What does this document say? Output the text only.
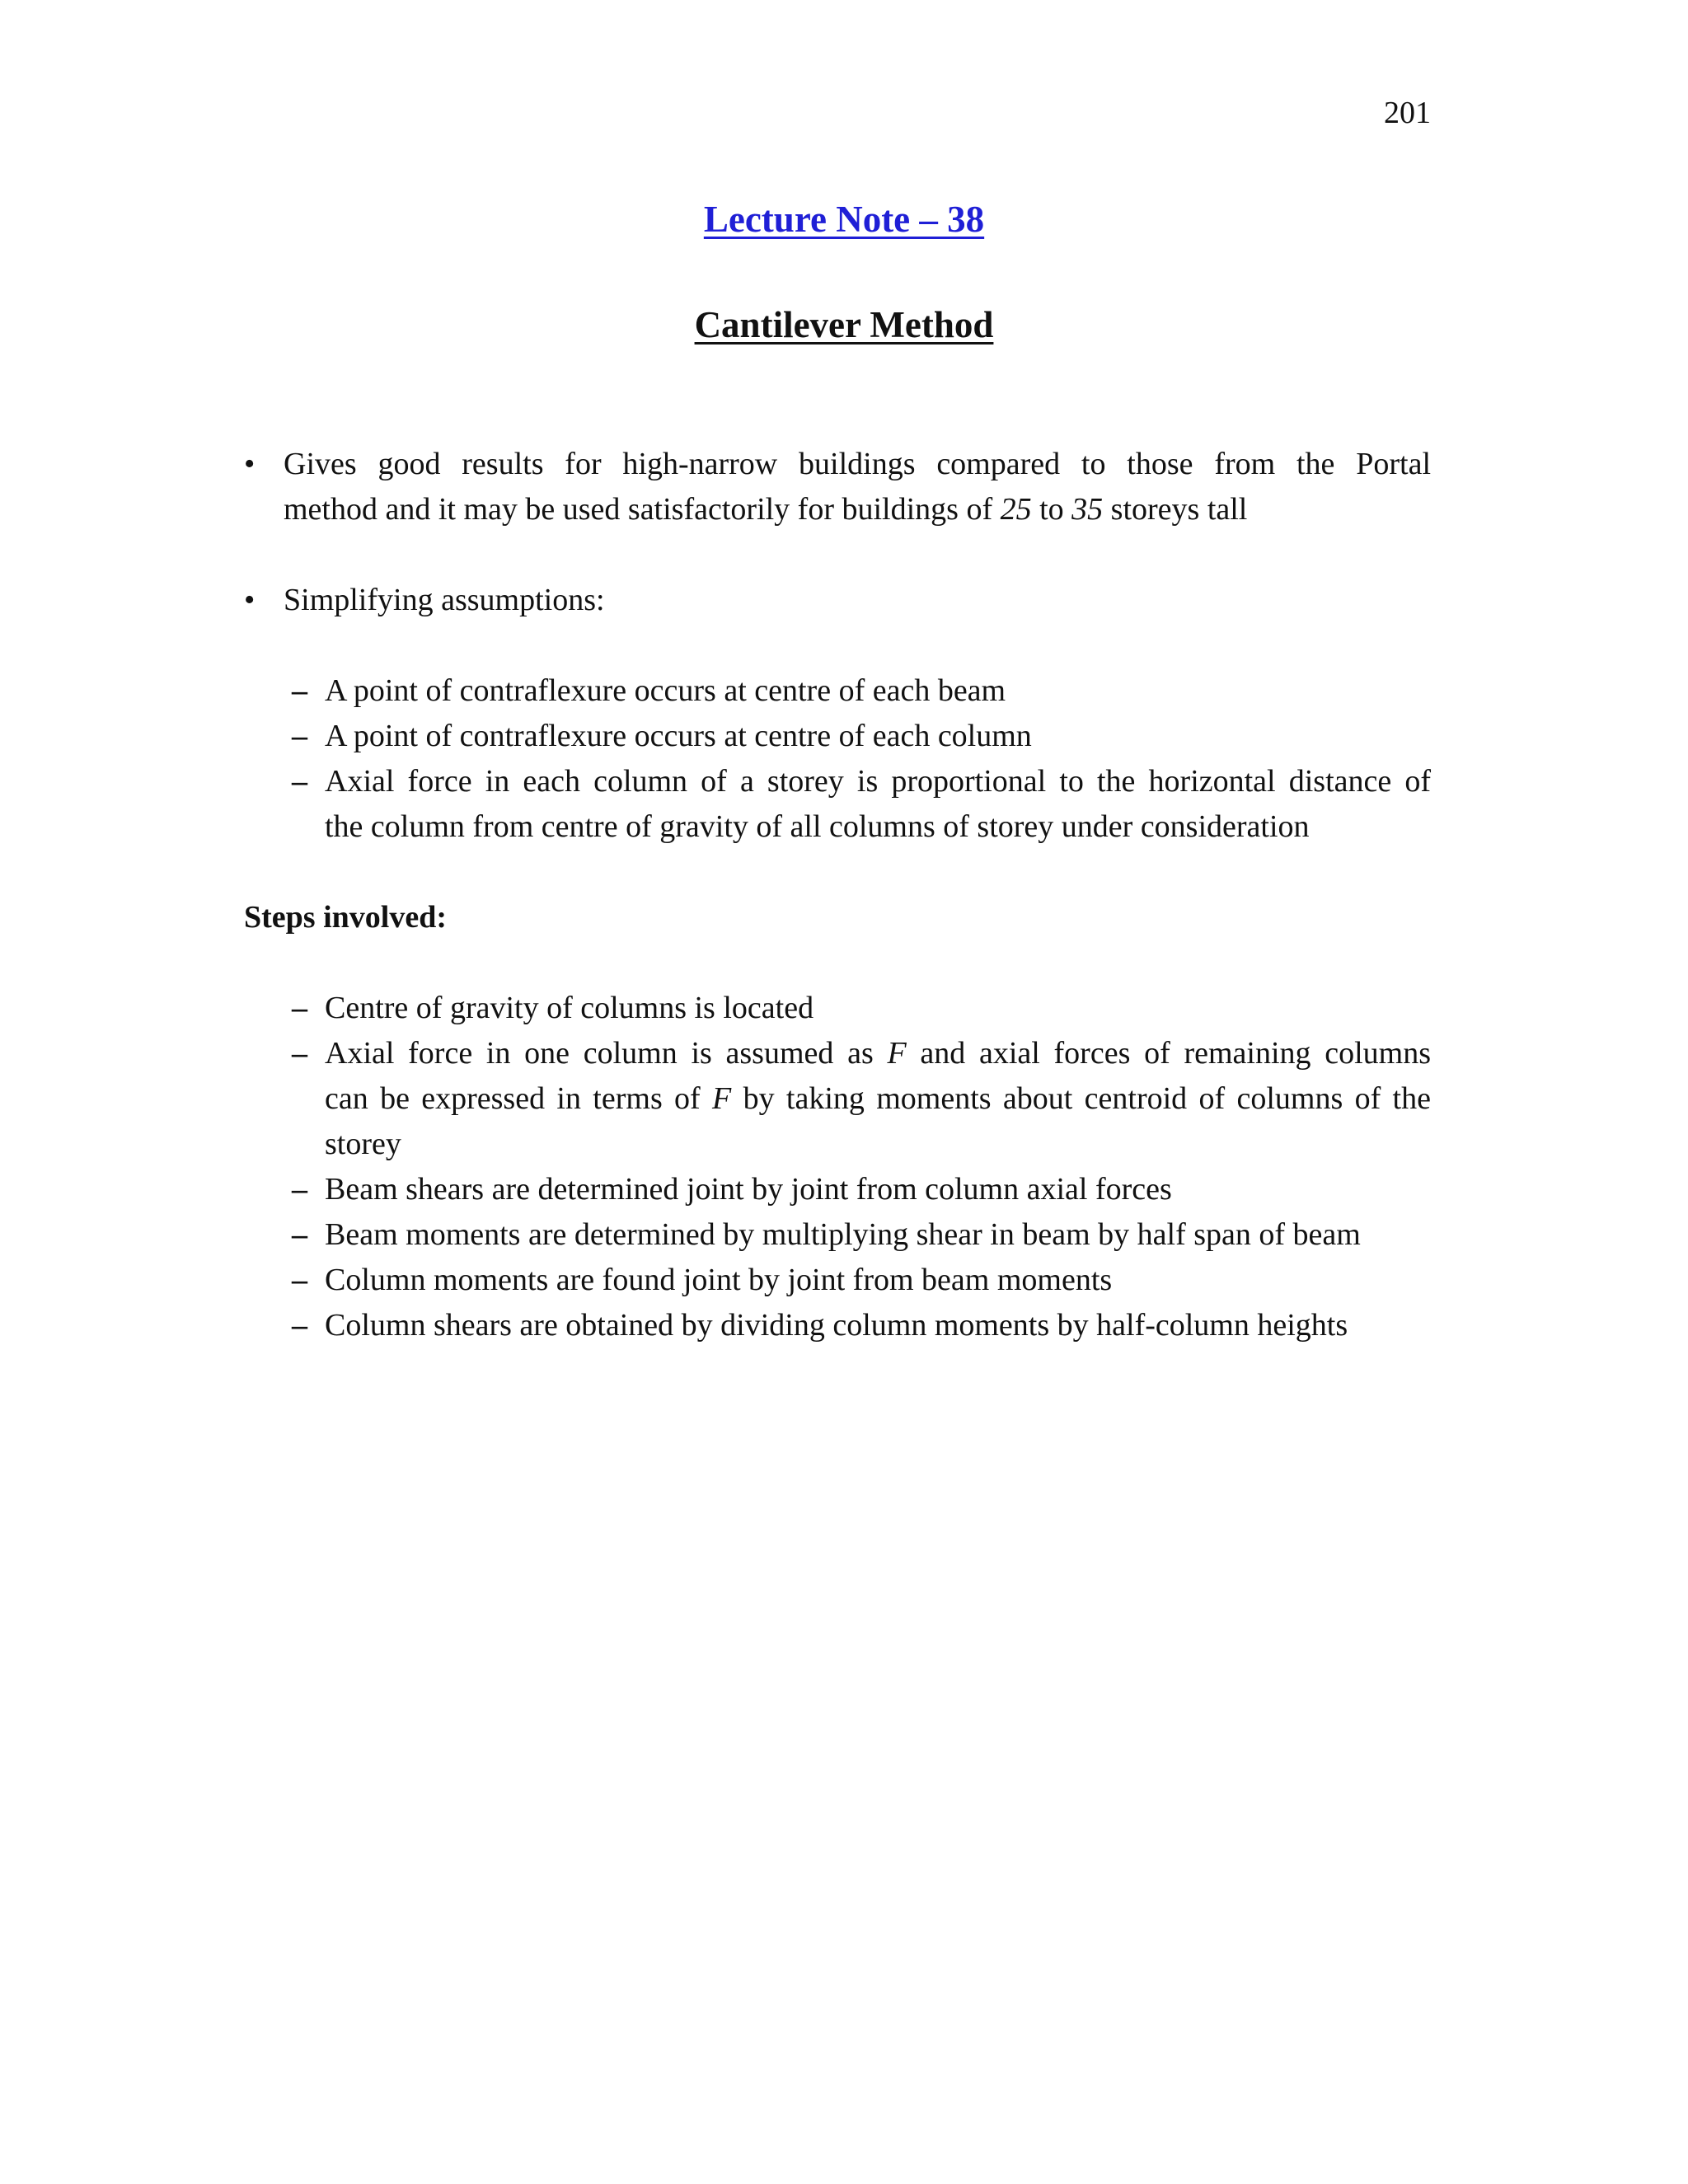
201
Lecture Note – 38
Cantilever Method
• Gives good results for high-narrow buildings compared to those from the Portal
method and it may be used satisfactorily for buildings of 25 to 35 storeys tall
• Simplifying assumptions:
– A point of contraflexure occurs at centre of each beam
– A point of contraflexure occurs at centre of each column
– Axial force in each column of a storey is proportional to the horizontal distance of
the column from centre of gravity of all columns of storey under consideration
Steps involved:
– Centre of gravity of columns is located
– Axial force in one column is assumed as F and axial forces of remaining columns
can be expressed in terms of F by taking moments about centroid of columns of the
storey
– Beam shears are determined joint by joint from column axial forces
– Beam moments are determined by multiplying shear in beam by half span of beam
– Column moments are found joint by joint from beam moments
– Column shears are obtained by dividing column moments by half-column heights
